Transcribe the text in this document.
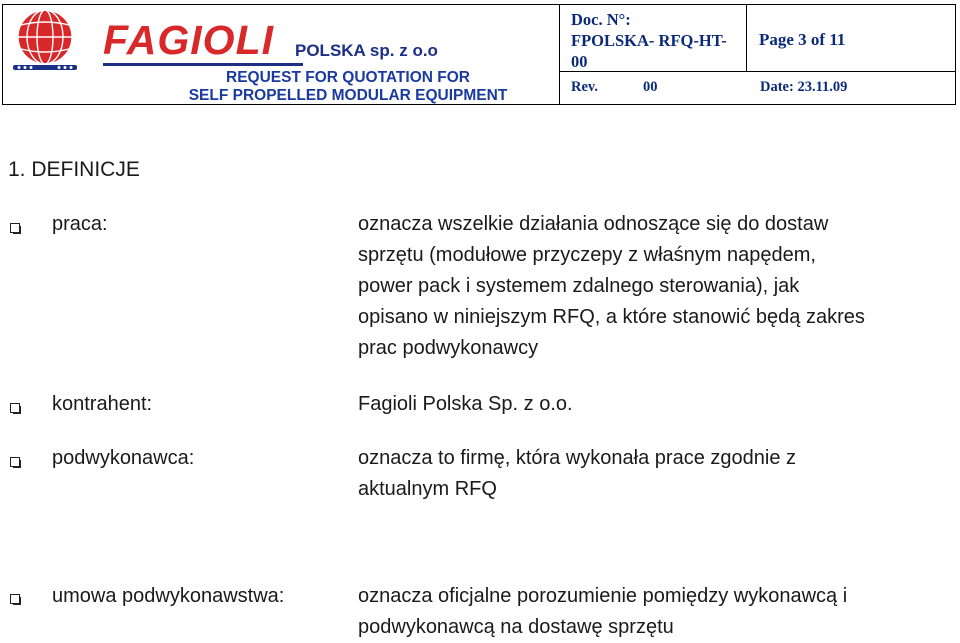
FAGIOLI POLSKA sp. z o.o
REQUEST FOR QUOTATION FOR
SELF PROPELLED MODULAR EQUIPMENT
Doc. N°:
FPOLSKA- RFQ-HT-
00
Page 3 of 11
Rev.	00	Date: 23.11.09
1. DEFINICJE
praca:	oznacza wszelkie działania odnoszące się do dostaw
sprzętu (modułowe przyczepy z właśnym napędem,
power pack i systemem zdalnego sterowania), jak
opisano w niniejszym RFQ, a które stanowić będą zakres
prac podwykonawcy
kontrahent:	Fagioli Polska Sp. z o.o.
podwykonawca:	oznacza to firmę, która wykonała prace zgodnie z
aktualnym RFQ
umowa podwykonawstwa:	oznacza oficjalne porozumienie pomiędzy wykonawcą i
podwykonawcą na dostawę sprzętu
